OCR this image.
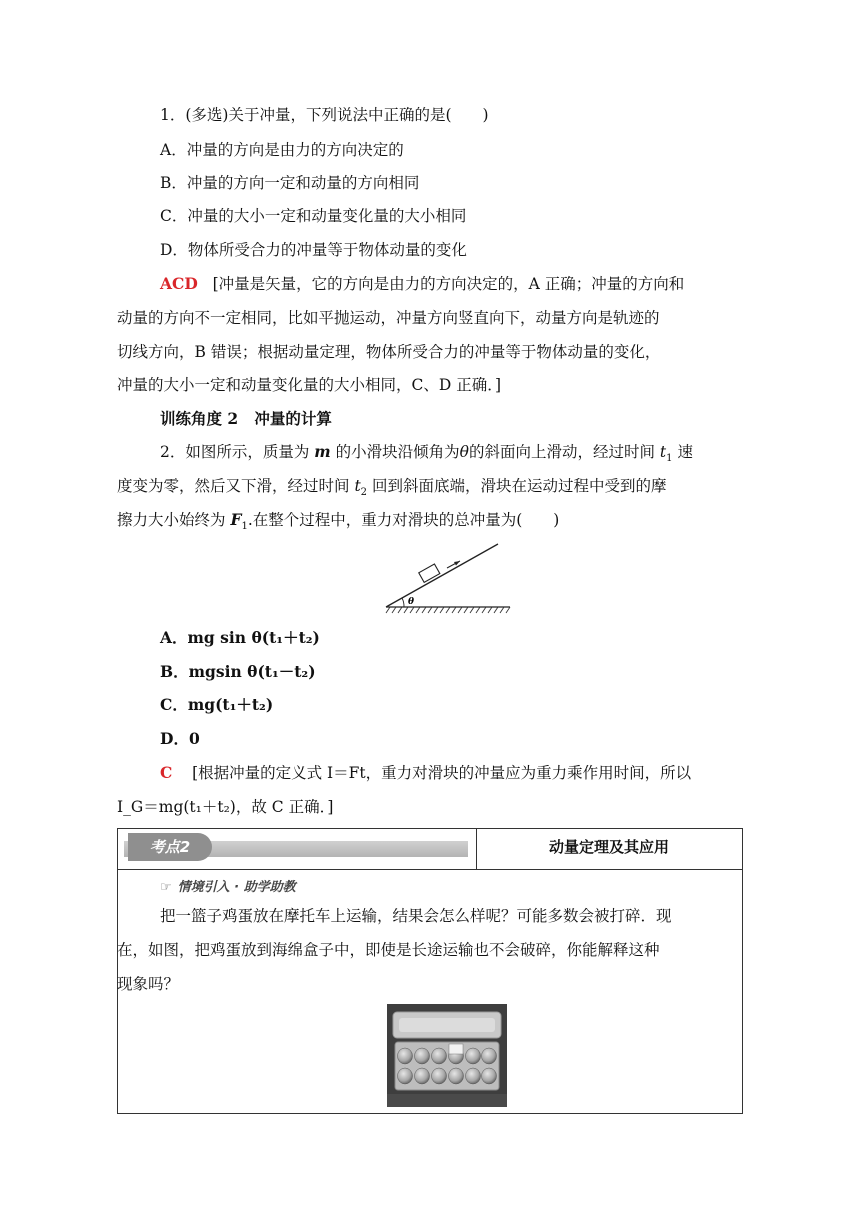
1．(多选)关于冲量，下列说法中正确的是(　　)
A．冲量的方向是由力的方向决定的
B．冲量的方向一定和动量的方向相同
C．冲量的大小一定和动量变化量的大小相同
D．物体所受合力的冲量等于物体动量的变化
ACD [冲量是矢量，它的方向是由力的方向决定的，A 正确；冲量的方向和
动量的方向不一定相同，比如平抛运动，冲量方向竖直向下，动量方向是轨迹的
切线方向，B 错误；根据动量定理，物体所受合力的冲量等于物体动量的变化，
冲量的大小一定和动量变化量的大小相同，C、D 正确．]
训练角度 2 冲量的计算
2．如图所示，质量为 m 的小滑块沿倾角为θ的斜面向上滑动，经过时间 $t_1$ 速
度变为零，然后又下滑，经过时间 $t_2$ 回到斜面底端，滑块在运动过程中受到的摩
擦力大小始终为 $F_1$.在整个过程中，重力对滑块的总冲量为(　　)
θ
A．mg sin θ(t₁＋t₂)
B．mgsin θ(t₁－t₂)
C．mg(t₁＋t₂)
D．0
C [根据冲量的定义式 I＝Ft，重力对滑块的冲量应为重力乘作用时间，所以
I_G＝mg(t₁＋t₂)，故 C 正确．]
考点2	动量定理及其应用
☞ 情境引入 · 助学助教
把一篮子鸡蛋放在摩托车上运输，结果会怎么样呢？可能多数会被打碎．现
在，如图，把鸡蛋放到海绵盒子中，即使是长途运输也不会破碎，你能解释这种
现象吗？
